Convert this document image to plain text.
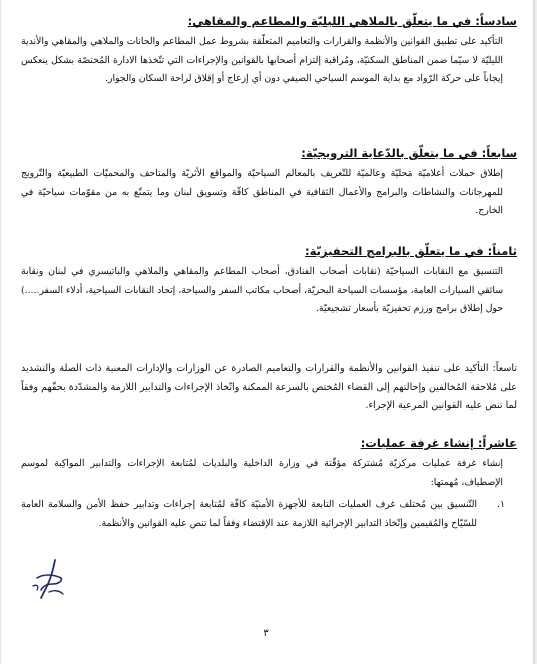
سادساً: في ما يتعلّق بالملاهي الليليّة والمطاعم والمقاهي:

التأكيد على تطبيق القوانين والأنظمة والقرارات والتعاميم المتعلّقة بشروط عمل المطاعم والحانات والملاهي والمقاهي والأندية الليليّة لا سيّما ضمن المناطق السكنيّة، ومُراقبة إلتزام أصحابها بالقوانين والإجراءات التي تتّخذها الادارة المُختصّة بشكل ينعكس إيجاباً على حركة الرّواد مع بداية الموسم السياحي الصيفي دون أي إزعاج أو إقلاق لراحة السكان والجوار.

سابعاً: في ما يتعلّق بالدّعاية الترويجيّة:

إطلاق حملات أعلاميّة مَحليّة وعالميّة للتّعريف بالمعالم السياحيّة والمواقع الأثريّة والمتاحف والمحميّات الطبيعيّة والتّرويج للمهرجانات والنشاطات والبرامج والأعمال الثقافية في المناطق كافّة وتسويق لبنان وما يتمتّع به من مقوّمات سياحيّة في الخارج.

ثامناً: في ما يتعلّق بالبرامج التحفيزيّة:

التنسيق مع النقابات السياحيّة (نقابات أصحاب الفنادق، أصحاب المطاعم والمقاهي والملاهي والباتيسري في لبنان ونقابة سائقي السيارات العامة، مؤسسات السياحة البحريّة، أصحاب مكاتب السفر والسياحة، إتحاد النقابات السياحية، أدلاء السفر.....) حول إطلاق برامج ورزم تحفيزيّة بأسعار تشجيعيّة.

تاسعاً: التأكيد على تنفيذ القوانين والأنظمة والقرارات والتعاميم الصادرة عن الوزارات والإدارات المعنية ذات الصلة والتشديد على مُلاحقة المُخالفين وإحالتهم إلى القضاء المُختص بالسرعة الممكنة واتّخاذ الإجراءات والتدابير اللازمة والمشدّدة بحقّهم وفقاً لما تنص عليه القوانين المرعية الإجراء.

عاشراً: إنشاء غرفة عمليات:

إنشاء غرفة عمليات مركزيّة مُشتركة مؤقّتة في وزارة الداخلية والبلديات لمُتابعة الإجراءات والتدابير المواكِبة لموسم الإصطياف، مُهمتها:

١.

التّنسيق بين مُختلف غرف العمليات التابعة للأجهزة الأمنيّة كافّة لمُتابعة إجراءات وتدابير حفظ الأمن والسلامة العامة للسّيّاح والمُقيمين وإتّخاذ التدابير الإجرائية اللازمة عند الإقتضاء وفقاً لما تنص عليه القوانين والأنظمة.

٣
